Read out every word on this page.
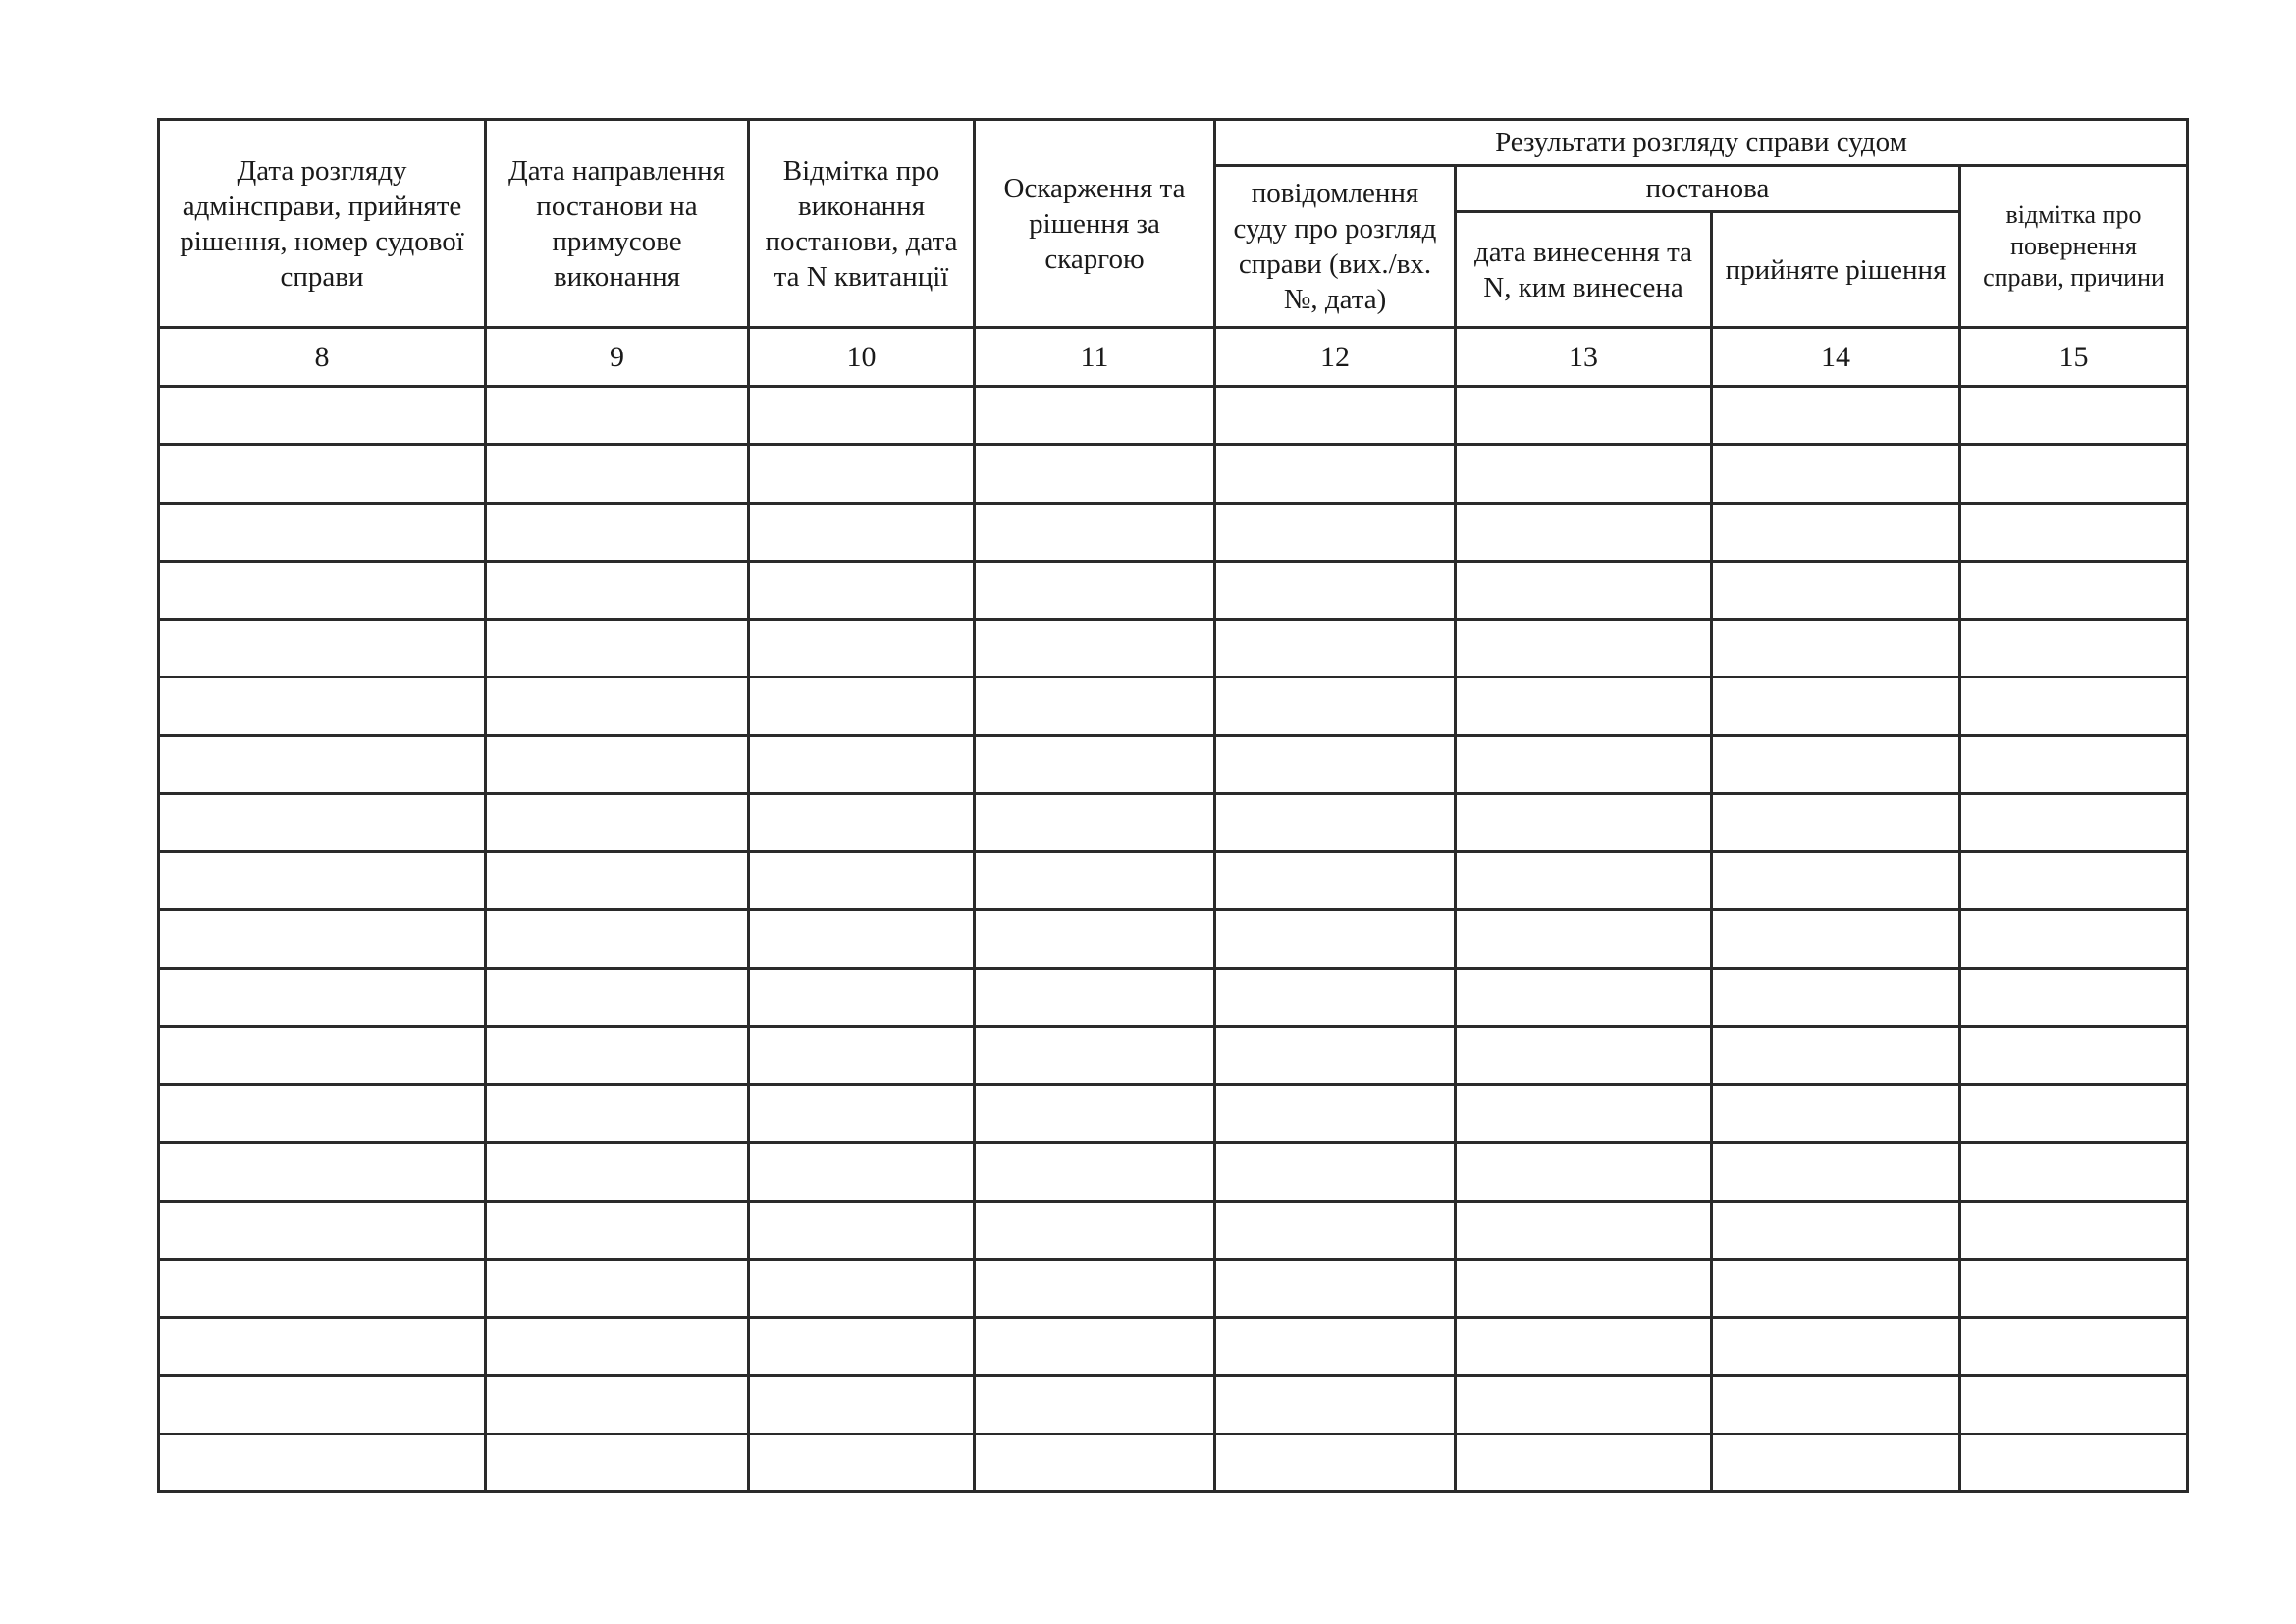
Дата розгляду адмінсправи, прийняте рішення, номер судової справи	Дата направлення постанови на примусове виконання	Відмітка про виконання постанови, дата та N квитанції	Оскарження та рішення за скаргою	Результати розгляду справи судом			
				повідомлення суду про розгляд справи (вих./вх. №, дата)	постанова		відмітка про повернення справи, причини
					дата винесення та N, ким винесена	прийняте рішення	
8	9	10	11	12	13	14	15
